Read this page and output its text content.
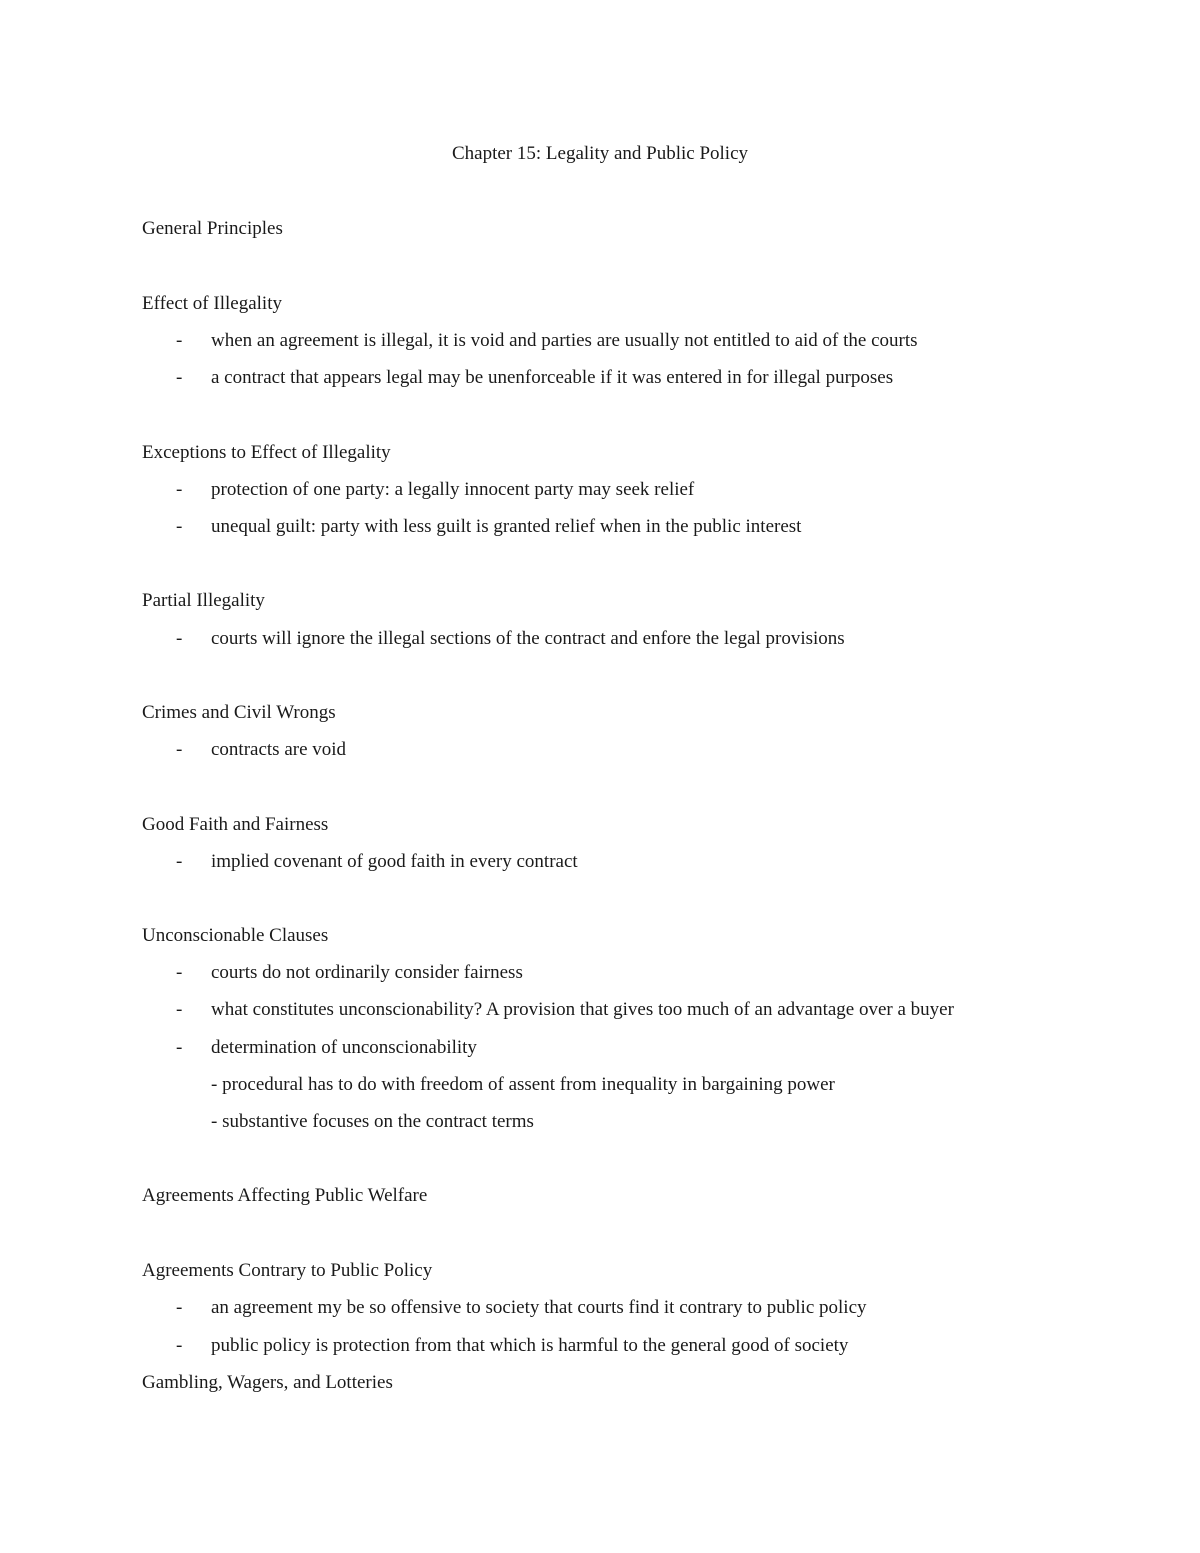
Chapter 15: Legality and Public Policy
General Principles
Effect of Illegality
- when an agreement is illegal, it is void and parties are usually not entitled to aid of the courts
- a contract that appears legal may be unenforceable if it was entered in for illegal purposes
Exceptions to Effect of Illegality
- protection of one party: a legally innocent party may seek relief
- unequal guilt: party with less guilt is granted relief when in the public interest
Partial Illegality
- courts will ignore the illegal sections of the contract and enfore the legal provisions
Crimes and Civil Wrongs
- contracts are void
Good Faith and Fairness
- implied covenant of good faith in every contract
Unconscionable Clauses
- courts do not ordinarily consider fairness
- what constitutes unconscionability? A provision that gives too much of an advantage over a buyer
- determination of unconscionability
- procedural has to do with freedom of assent from inequality in bargaining power
- substantive focuses on the contract terms
Agreements Affecting Public Welfare
Agreements Contrary to Public Policy
- an agreement my be so offensive to society that courts find it contrary to public policy
- public policy is protection from that which is harmful to the general good of society
Gambling, Wagers, and Lotteries
